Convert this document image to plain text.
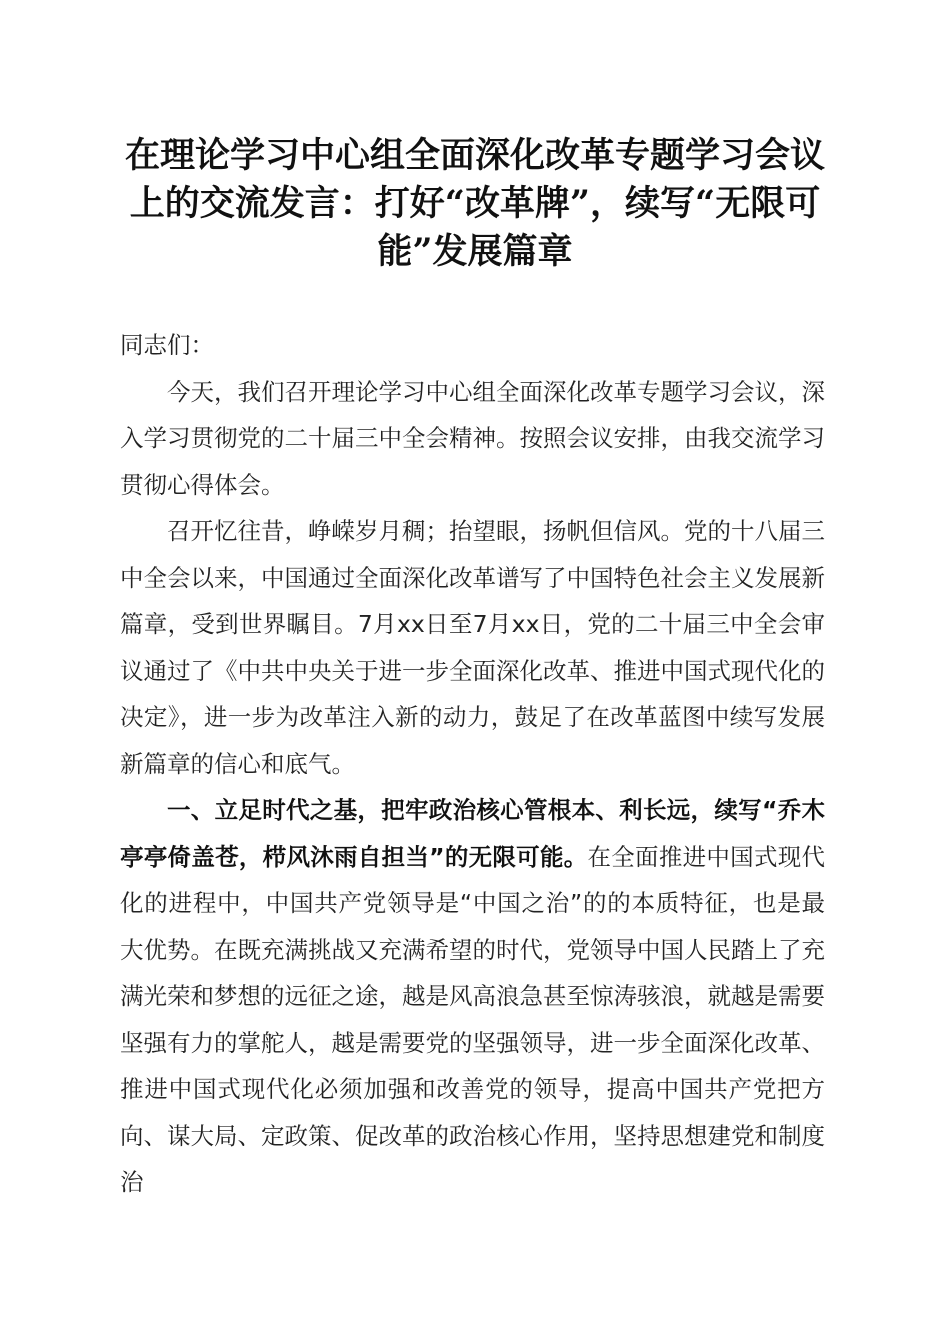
在理论学习中心组全面深化改革专题学习会议上的交流发言：打好“改革牌”，续写“无限可能”发展篇章

同志们：

今天，我们召开理论学习中心组全面深化改革专题学习会议，深入学习贯彻党的二十届三中全会精神。按照会议安排，由我交流学习贯彻心得体会。

召开忆往昔，峥嵘岁月稠；抬望眼，扬帆但信风。党的十八届三中全会以来，中国通过全面深化改革谱写了中国特色社会主义发展新篇章，受到世界瞩目。7月xx日至7月xx日，党的二十届三中全会审议通过了《中共中央关于进一步全面深化改革、推进中国式现代化的决定》，进一步为改革注入新的动力，鼓足了在改革蓝图中续写发展新篇章的信心和底气。

一、立足时代之基，把牢政治核心管根本、利长远，续写“乔木亭亭倚盖苍，栉风沐雨自担当”的无限可能。在全面推进中国式现代化的进程中，中国共产党领导是“中国之治”的的本质特征，也是最大优势。在既充满挑战又充满希望的时代，党领导中国人民踏上了充满光荣和梦想的远征之途，越是风高浪急甚至惊涛骇浪，就越是需要坚强有力的掌舵人，越是需要党的坚强领导，进一步全面深化改革、推进中国式现代化必须加强和改善党的领导，提高中国共产党把方向、谋大局、定政策、促改革的政治核心作用，坚持思想建党和制度治
